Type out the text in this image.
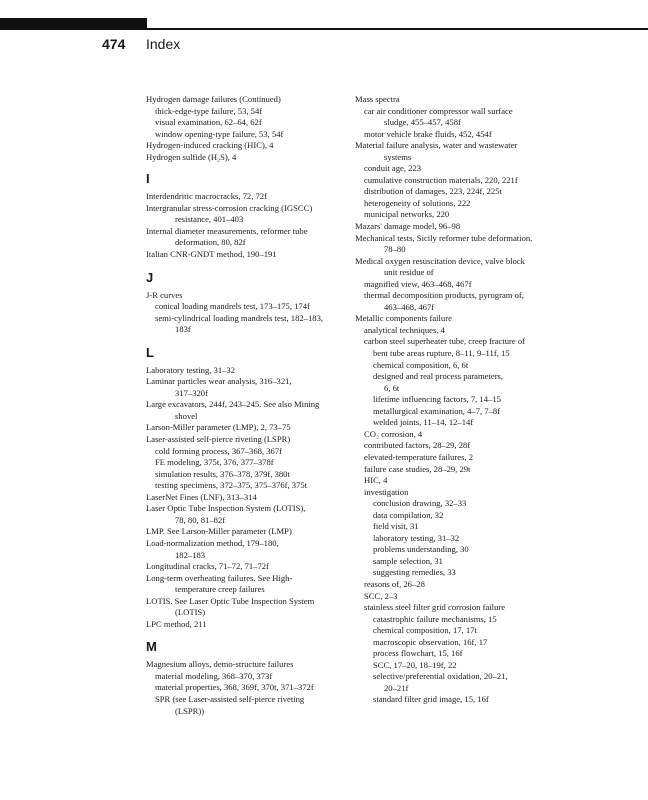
474 Index
Hydrogen damage failures (Continued)
thick-edge-type failure, 53, 54f
visual examination, 62–64, 62f
window opening-type failure, 53, 54f
Hydrogen-induced cracking (HIC), 4
Hydrogen sulfide (H₂S), 4
I
Interdendritic macrocracks, 72, 72f
Intergranular stress-corrosion cracking (IGSCC)
resistance, 401–403
Internal diameter measurements, reformer tube
deformation, 80, 82f
Italian CNR-GNDT method, 190–191
J
J-R curves
conical loading mandrels test, 173–175, 174f
semi-cylindrical loading mandrels test, 182–183,
183f
L
Laboratory testing, 31–32
Laminar particles wear analysis, 316–321,
317–320f
Large excavators, 244f, 243–245. See also Mining
shovel
Larson-Miller parameter (LMP), 2, 73–75
Laser-assisted self-pierce riveting (LSPR)
cold forming process, 367–368, 367f
FE modeling, 375t, 376, 377–378f
simulation results, 376–378, 379f, 380t
testing specimens, 372–375, 375–376f, 375t
LaserNet Fines (LNF), 313–314
Laser Optic Tube Inspection System (LOTIS),
78, 80, 81–82f
LMP. See Larson-Miller parameter (LMP)
Load-normalization method, 179–180,
182–183
Longitudinal cracks, 71–72, 71–72f
Long-term overheating failures. See High-
temperature creep failures
LOTIS. See Laser Optic Tube Inspection System
(LOTIS)
LPC method, 211
M
Magnesium alloys, demo-structure failures
material modeling, 368–370, 373f
material properties, 368, 369f, 370t, 371–372f
SPR (see Laser-assisted self-pierce riveting
(LSPR))
Mass spectra
car air conditioner compressor wall surface
sludge, 455–457, 458f
motor vehicle brake fluids, 452, 454f
Material failure analysis, water and wastewater
systems
conduit age, 223
cumulative construction materials, 220, 221f
distribution of damages, 223, 224f, 225t
heterogeneity of solutions, 222
municipal networks, 220
Mazars' damage model, 96–98
Mechanical tests, Sicily reformer tube deformation,
78–80
Medical oxygen resuscitation device, valve block
unit residue of
magnified view, 463–468, 467f
thermal decomposition products, pyrogram of,
463–468, 467f
Metallic components failure
analytical techniques, 4
carbon steel superheater tube, creep fracture of
bent tube areas rupture, 8–11, 9–11f, 15
chemical composition, 6, 6t
designed and real process parameters,
6, 6t
lifetime influencing factors, 7, 14–15
metallurgical examination, 4–7, 7–8f
welded joints, 11–14, 12–14f
CO₂ corrosion, 4
contributed factors, 28–29, 28f
elevated-temperature failures, 2
failure case studies, 28–29, 29t
HIC, 4
investigation
conclusion drawing, 32–33
data compilation, 32
field visit, 31
laboratory testing, 31–32
problems understanding, 30
sample selection, 31
suggesting remedies, 33
reasons of, 26–28
SCC, 2–3
stainless steel filter grid corrosion failure
catastrophic failure mechanisms, 15
chemical composition, 17, 17t
macroscopic observation, 16f, 17
process flowchart, 15, 16f
SCC, 17–20, 18–19f, 22
selective/preferential oxidation, 20–21,
20–21f
standard filter grid image, 15, 16f
